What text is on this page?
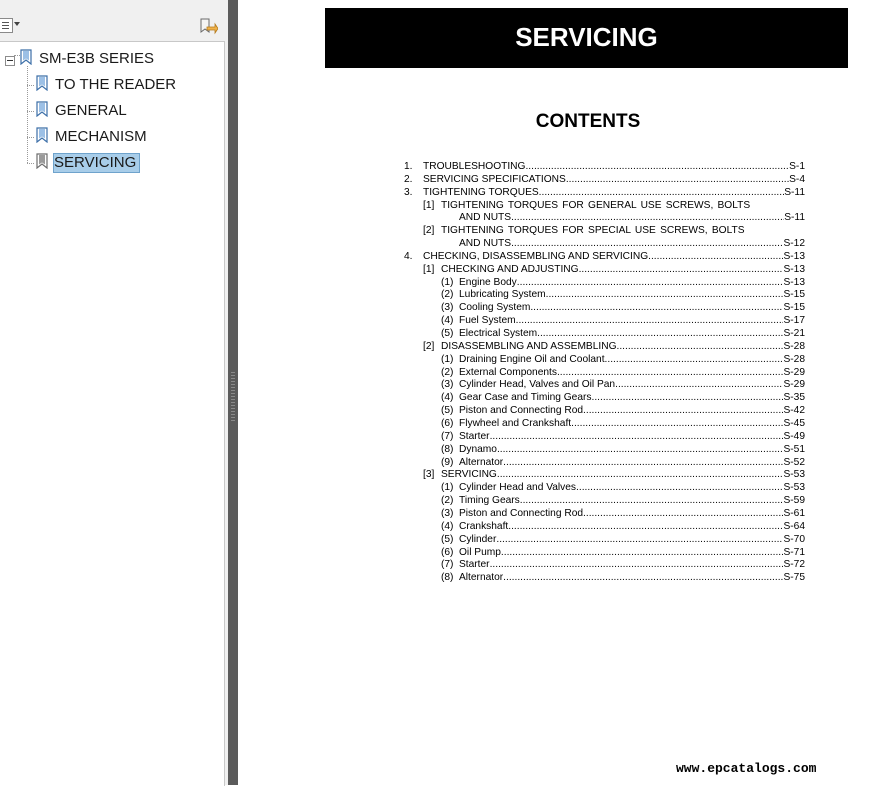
SM-E3B SERIES
TO THE READER
GENERAL
MECHANISM
SERVICING
SERVICING
CONTENTS
1. TROUBLESHOOTING .....	S-1
2. SERVICING SPECIFICATIONS .....	S-4
3. TIGHTENING TORQUES .....	S-11
[1] TIGHTENING TORQUES FOR GENERAL USE SCREWS, BOLTS
AND NUTS .....	S-11
[2] TIGHTENING TORQUES FOR SPECIAL USE SCREWS, BOLTS
AND NUTS .....	S-12
4. CHECKING, DISASSEMBLING AND SERVICING .....	S-13
[1] CHECKING AND ADJUSTING .....	S-13
(1) Engine Body .....	S-13
(2) Lubricating System .....	S-15
(3) Cooling System .....	S-15
(4) Fuel System .....	S-17
(5) Electrical System .....	S-21
[2] DISASSEMBLING AND ASSEMBLING .....	S-28
(1) Draining Engine Oil and Coolant .....	S-28
(2) External Components .....	S-29
(3) Cylinder Head, Valves and Oil Pan .....	S-29
(4) Gear Case and Timing Gears .....	S-35
(5) Piston and Connecting Rod .....	S-42
(6) Flywheel and Crankshaft .....	S-45
(7) Starter .....	S-49
(8) Dynamo .....	S-51
(9) Alternator .....	S-52
[3] SERVICING .....	S-53
(1) Cylinder Head and Valves .....	S-53
(2) Timing Gears .....	S-59
(3) Piston and Connecting Rod .....	S-61
(4) Crankshaft .....	S-64
(5) Cylinder .....	S-70
(6) Oil Pump .....	S-71
(7) Starter .....	S-72
(8) Alternator .....	S-75
www.epcatalogs.com
